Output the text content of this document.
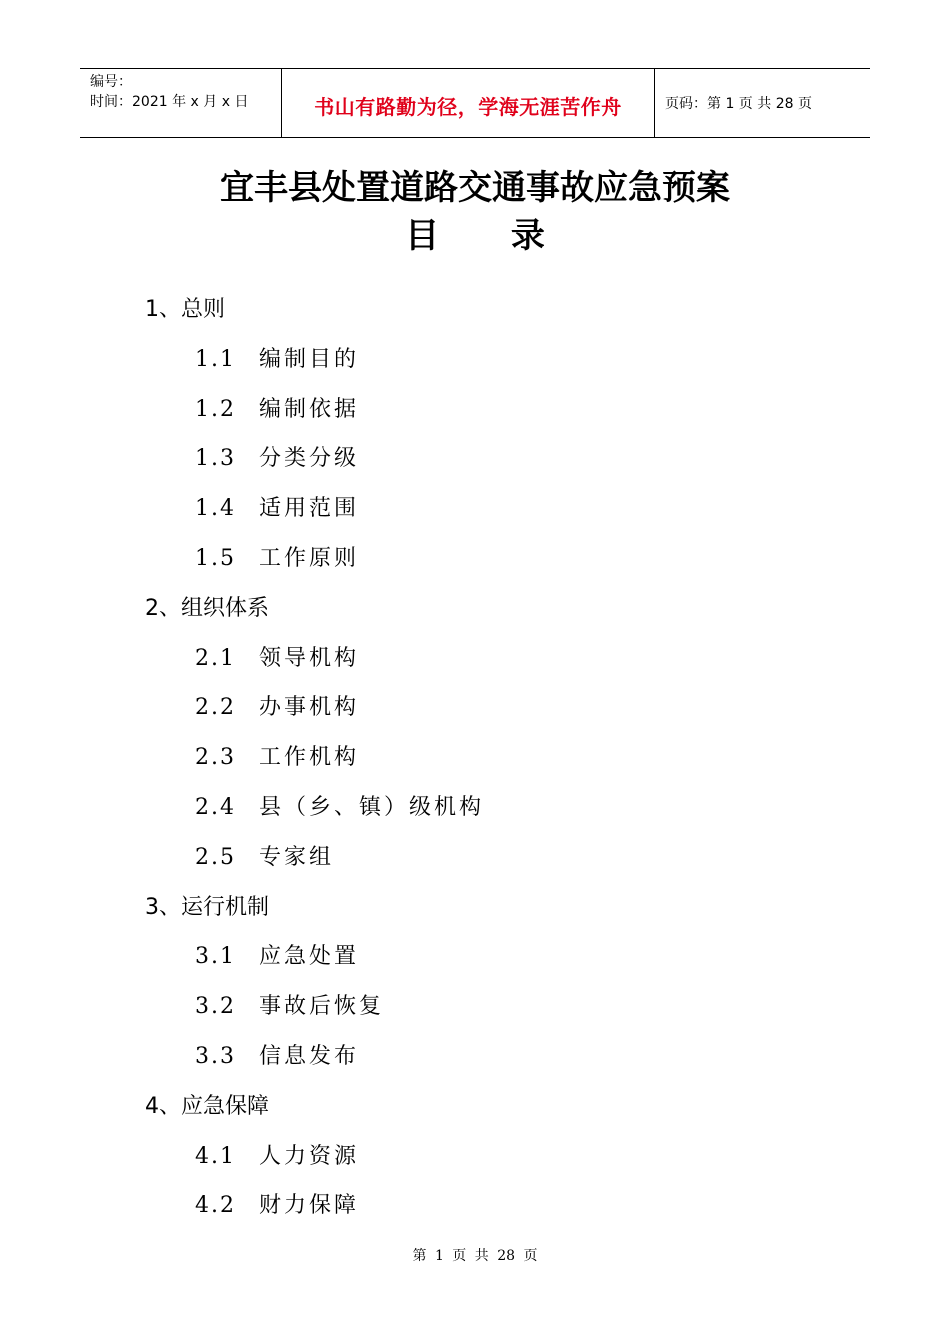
编号：
时间：2021 年 x 月 x 日	书山有路勤为径，学海无涯苦作舟	页码：第 1 页 共 28 页
宜丰县处置道路交通事故应急预案
目 录
1、总则
1.1 编制目的
1.2 编制依据
1.3 分类分级
1.4 适用范围
1.5 工作原则
2、组织体系
2.1 领导机构
2.2 办事机构
2.3 工作机构
2.4 县（乡、镇）级机构
2.5 专家组
3、运行机制
3.1 应急处置
3.2 事故后恢复
3.3 信息发布
4、应急保障
4.1 人力资源
4.2 财力保障
第 1 页 共 28 页
